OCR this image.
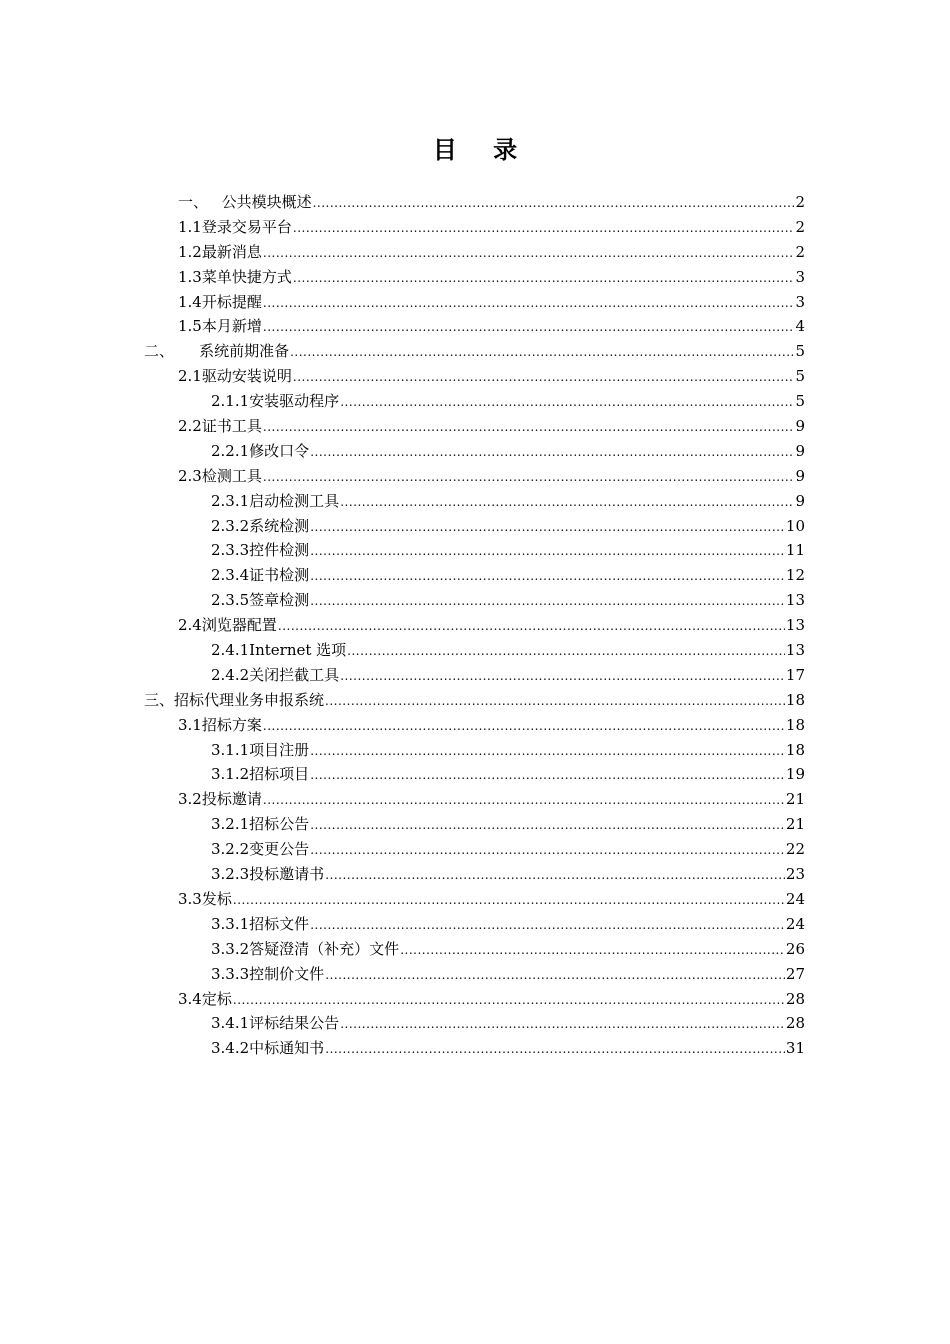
目 录
一、 公共模块概述 .....	2
1.1 登录交易平台 .....	2
1.2 最新消息 .....	2
1.3 菜单快捷方式 .....	3
1.4 开标提醒 .....	3
1.5 本月新增 .....	4
二、 系统前期准备 .....	5
2.1 驱动安装说明 .....	5
2.1.1 安装驱动程序 .....	5
2.2 证书工具 .....	9
2.2.1 修改口令 .....	9
2.3 检测工具 .....	9
2.3.1 启动检测工具 .....	9
2.3.2 系统检测 .....	10
2.3.3 控件检测 .....	11
2.3.4 证书检测 .....	12
2.3.5 签章检测 .....	13
2.4 浏览器配置 .....	13
2.4.1 Internet 选项 .....	13
2.4.2 关闭拦截工具 .....	17
三、 招标代理业务申报系统 .....	18
3.1 招标方案 .....	18
3.1.1 项目注册 .....	18
3.1.2 招标项目 .....	19
3.2 投标邀请 .....	21
3.2.1 招标公告 .....	21
3.2.2 变更公告 .....	22
3.2.3 投标邀请书 .....	23
3.3 发标 .....	24
3.3.1 招标文件 .....	24
3.3.2 答疑澄清（补充）文件 .....	26
3.3.3 控制价文件 .....	27
3.4 定标 .....	28
3.4.1 评标结果公告 .....	28
3.4.2 中标通知书 .....	31
